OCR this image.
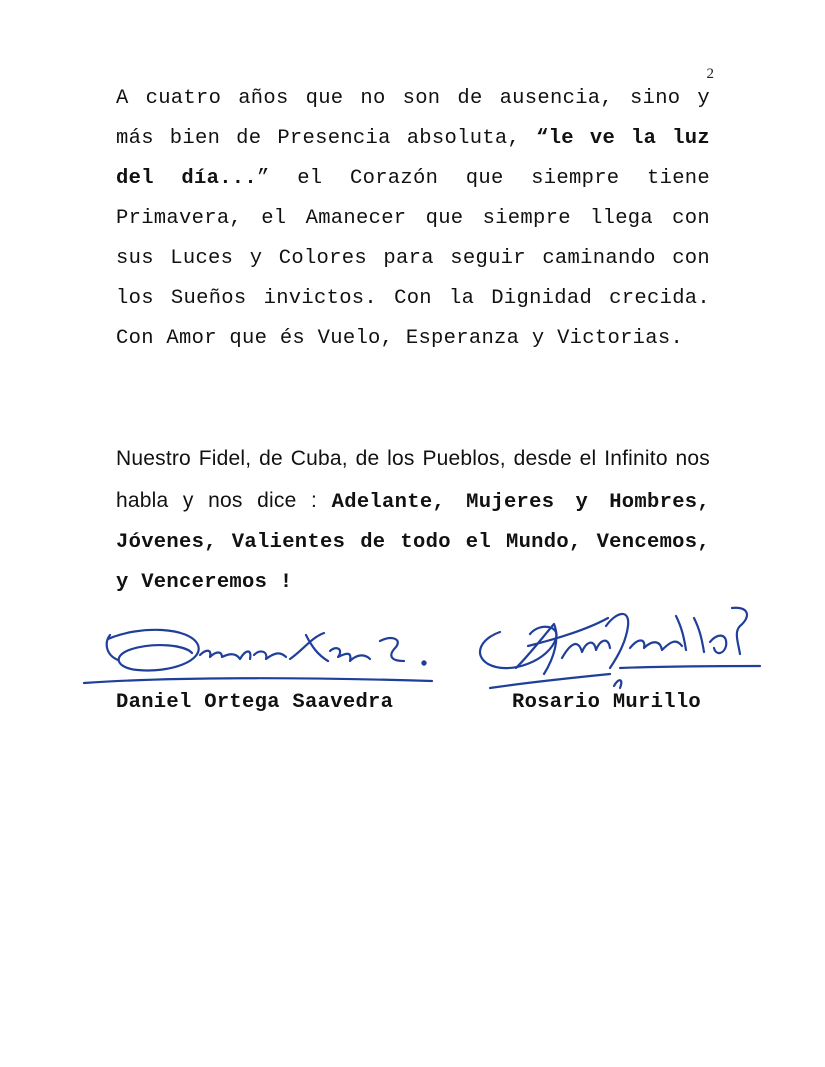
2
A cuatro años que no son de ausencia, sino y más bien de Presencia absoluta, “le ve la luz del día...” el Corazón que siempre tiene Primavera, el Amanecer que siempre llega con sus Luces y Colores para seguir caminando con los Sueños invictos. Con la Dignidad crecida. Con Amor que és Vuelo, Esperanza y Victorias.
Nuestro Fidel, de Cuba, de los Pueblos, desde el Infinito nos habla y nos dice : Adelante, Mujeres y Hombres, Jóvenes, Valientes de todo el Mundo, Vencemos, y Venceremos !
Daniel Ortega Saavedra	Rosario Murillo
